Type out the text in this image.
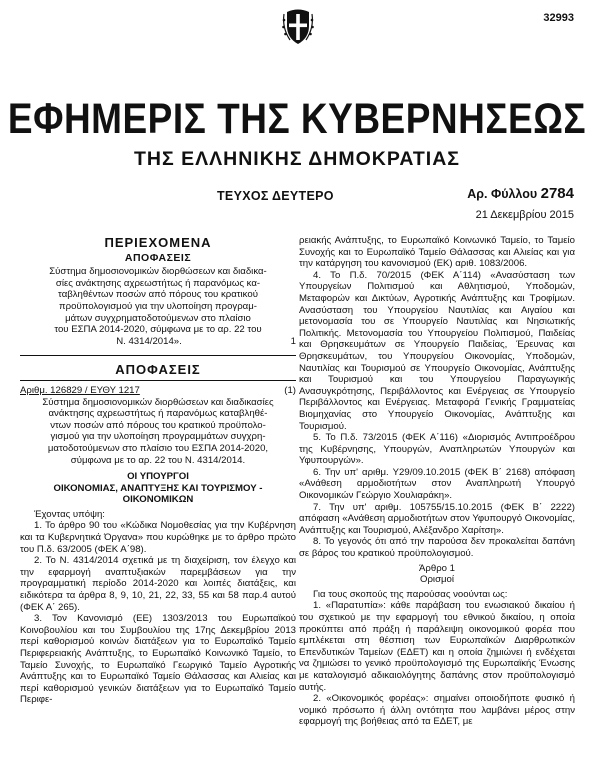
32993
ΕΦΗΜΕΡΙΣ ΤΗΣ ΚΥΒΕΡΝΗΣΕΩΣ
ΤΗΣ ΕΛΛΗΝΙΚΗΣ ΔΗΜΟΚΡΑΤΙΑΣ
ΤΕΥΧΟΣ ΔΕΥΤΕΡΟ	Αρ. Φύλλου 2784
21 Δεκεμβρίου 2015
ΠΕΡΙΕΧΟΜΕΝΑ
ΑΠΟΦΑΣΕΙΣ
Σύστημα δημοσιονομικών διορθώσεων και διαδικα-
σίες ανάκτησης αχρεωστήτως ή παρανόμως κα-
ταβληθέντων ποσών από πόρους του κρατικού
προϋπολογισμού για την υλοποίηση προγραμ-
μάτων συγχρηματοδοτούμενων στο πλαίσιο
του ΕΣΠΑ 2014-2020, σύμφωνα με το αρ. 22 του
Ν. 4314/2014».	1
ΑΠΟΦΑΣΕΙΣ
Αριθμ. 126829 / ΕΥΘΥ 1217	(1)
Σύστημα δημοσιονομικών διορθώσεων και διαδικασίες
ανάκτησης αχρεωστήτως ή παρανόμως καταβληθέ-
ντων ποσών από πόρους του κρατικού προϋπολο-
γισμού για την υλοποίηση προγραμμάτων συγχρη-
ματοδοτούμενων στο πλαίσιο του ΕΣΠΑ 2014-2020,
σύμφωνα με το αρ. 22 του Ν. 4314/2014.
ΟΙ ΥΠΟΥΡΓΟΙ
ΟΙΚΟΝΟΜΙΑΣ, ΑΝΑΠΤΥΞΗΣ ΚΑΙ ΤΟΥΡΙΣΜΟΥ -
ΟΙΚΟΝΟΜΙΚΩΝ

Έχοντας υπόψη:

1. Το άρθρο 90 του «Κώδικα Νομοθεσίας για την Κυβέρνηση και τα Κυβερνητικά Όργανα» που κυρώθηκε με το άρθρο πρώτο του Π.δ. 63/2005 (ΦΕΚ Α΄98).

2. Το Ν. 4314/2014 σχετικά με τη διαχείριση, τον έλεγχο και την εφαρμογή αναπτυξιακών παρεμβάσεων για την προγραμματική περίοδο 2014-2020 και λοιπές διατάξεις, και ειδικότερα τα άρθρα 8, 9, 10, 21, 22, 33, 55 και 58 παρ.4 αυτού (ΦΕΚ Α΄ 265).

3. Τον Κανονισμό (ΕΕ) 1303/2013 του Ευρωπαϊκού Κοινοβουλίου και του Συμβουλίου της 17ης Δεκεμβρίου 2013 περί καθορισμού κοινών διατάξεων για το Ευρωπαϊκό Ταμείο Περιφερειακής Ανάπτυξης, το Ευρωπαϊκό Κοινωνικό Ταμείο, το Ταμείο Συνοχής, το Ευρωπαϊκό Γεωργικό Ταμείο Αγροτικής Ανάπτυξης και το Ευρωπαϊκό Ταμείο Θάλασσας και Αλιείας και περί καθορισμού γενικών διατάξεων για το Ευρωπαϊκό Ταμείο Περιφε-

ρειακής Ανάπτυξης, το Ευρωπαϊκό Κοινωνικό Ταμείο, το Ταμείο Συνοχής και το Ευρωπαϊκό Ταμείο Θάλασσας και Αλιείας και για την κατάργηση του κανονισμού (ΕΚ) αριθ. 1083/2006.

4. Το Π.δ. 70/2015 (ΦΕΚ Α΄114) «Ανασύσταση των Υπουργείων Πολιτισμού και Αθλητισμού, Υποδομών, Μεταφορών και Δικτύων, Αγροτικής Ανάπτυξης και Τροφίμων. Ανασύσταση του Υπουργείου Ναυτιλίας και Αιγαίου και μετονομασία του σε Υπουργείο Ναυτιλίας και Νησιωτικής Πολιτικής. Μετονομασία του Υπουργείου Πολιτισμού, Παιδείας και Θρησκευμάτων σε Υπουργείο Παιδείας, Έρευνας και Θρησκευμάτων, του Υπουργείου Οικονομίας, Υποδομών, Ναυτιλίας και Τουρισμού σε Υπουργείο Οικονομίας, Ανάπτυξης και Τουρισμού και του Υπουργείου Παραγωγικής Ανασυγκρότησης, Περιβάλλοντος και Ενέργειας σε Υπουργείο Περιβάλλοντος και Ενέργειας. Μεταφορά Γενικής Γραμματείας Βιομηχανίας στο Υπουργείο Οικονομίας, Ανάπτυξης και Τουρισμού.

5. Το Π.δ. 73/2015 (ΦΕΚ Α΄116) «Διορισμός Αντιπροέδρου της Κυβέρνησης, Υπουργών, Αναπληρωτών Υπουργών και Υφυπουργών».

6. Την υπ' αριθμ. Υ29/09.10.2015 (ΦΕΚ Β΄ 2168) απόφαση «Ανάθεση αρμοδιοτήτων στον Αναπληρωτή Υπουργό Οικονομικών Γεώργιο Χουλιαράκη».

7. Την υπ' αριθμ. 105755/15.10.2015 (ΦΕΚ Β΄ 2222) απόφαση «Ανάθεση αρμοδιοτήτων στον Υφυπουργό Οικονομίας, Ανάπτυξης και Τουρισμού, Αλέξανδρο Χαρίτση».

8. Το γεγονός ότι από την παρούσα δεν προκαλείται δαπάνη σε βάρος του κρατικού προϋπολογισμού.

Άρθρο 1
Ορισμοί

Για τους σκοπούς της παρούσας νοούνται ως:

1. «Παρατυπία»: κάθε παράβαση του ενωσιακού δικαίου ή του σχετικού με την εφαρμογή του εθνικού δικαίου, η οποία προκύπτει από πράξη ή παράλειψη οικονομικού φορέα που εμπλέκεται στη θέσπιση των Ευρωπαϊκών Διαρθρωτικών Επενδυτικών Ταμείων (ΕΔΕΤ) και η οποία ζημιώνει ή ενδέχεται να ζημιώσει το γενικό προϋπολογισμό της Ευρωπαϊκής Ένωσης με καταλογισμό αδικαιολόγητης δαπάνης στον προϋπολογισμό αυτής.

2. «Οικονομικός φορέας»: σημαίνει οποιοδήποτε φυσικό ή νομικό πρόσωπο ή άλλη οντότητα που λαμβάνει μέρος στην εφαρμογή της βοήθειας από τα ΕΔΕΤ, με
